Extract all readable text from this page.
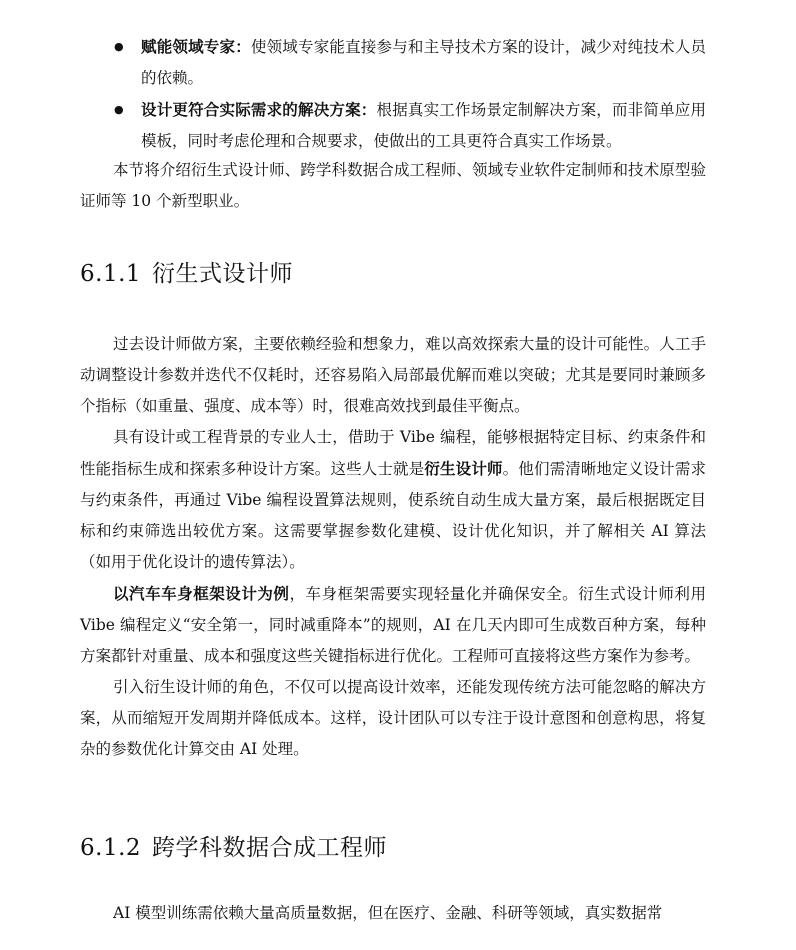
● 赋能领域专家：使领域专家能直接参与和主导技术方案的设计，减少对纯技术人员的依赖。

● 设计更符合实际需求的解决方案：根据真实工作场景定制解决方案，而非简单应用模板，同时考虑伦理和合规要求，使做出的工具更符合真实工作场景。

本节将介绍衍生式设计师、跨学科数据合成工程师、领域专业软件定制师和技术原型验证师等 10 个新型职业。

6.1.1 衍生式设计师

过去设计师做方案，主要依赖经验和想象力，难以高效探索大量的设计可能性。人工手动调整设计参数并迭代不仅耗时，还容易陷入局部最优解而难以突破；尤其是要同时兼顾多个指标（如重量、强度、成本等）时，很难高效找到最佳平衡点。

具有设计或工程背景的专业人士，借助于 Vibe 编程，能够根据特定目标、约束条件和性能指标生成和探索多种设计方案。这些人士就是衍生设计师。他们需清晰地定义设计需求与约束条件，再通过 Vibe 编程设置算法规则，使系统自动生成大量方案，最后根据既定目标和约束筛选出较优方案。这需要掌握参数化建模、设计优化知识，并了解相关 AI 算法（如用于优化设计的遗传算法）。

以汽车车身框架设计为例，车身框架需要实现轻量化并确保安全。衍生式设计师利用 Vibe 编程定义“安全第一，同时减重降本”的规则，AI 在几天内即可生成数百种方案，每种方案都针对重量、成本和强度这些关键指标进行优化。工程师可直接将这些方案作为参考。

引入衍生设计师的角色，不仅可以提高设计效率，还能发现传统方法可能忽略的解决方案，从而缩短开发周期并降低成本。这样，设计团队可以专注于设计意图和创意构思，将复杂的参数优化计算交由 AI 处理。

6.1.2 跨学科数据合成工程师

AI 模型训练需依赖大量高质量数据，但在医疗、金融、科研等领域，真实数据常
